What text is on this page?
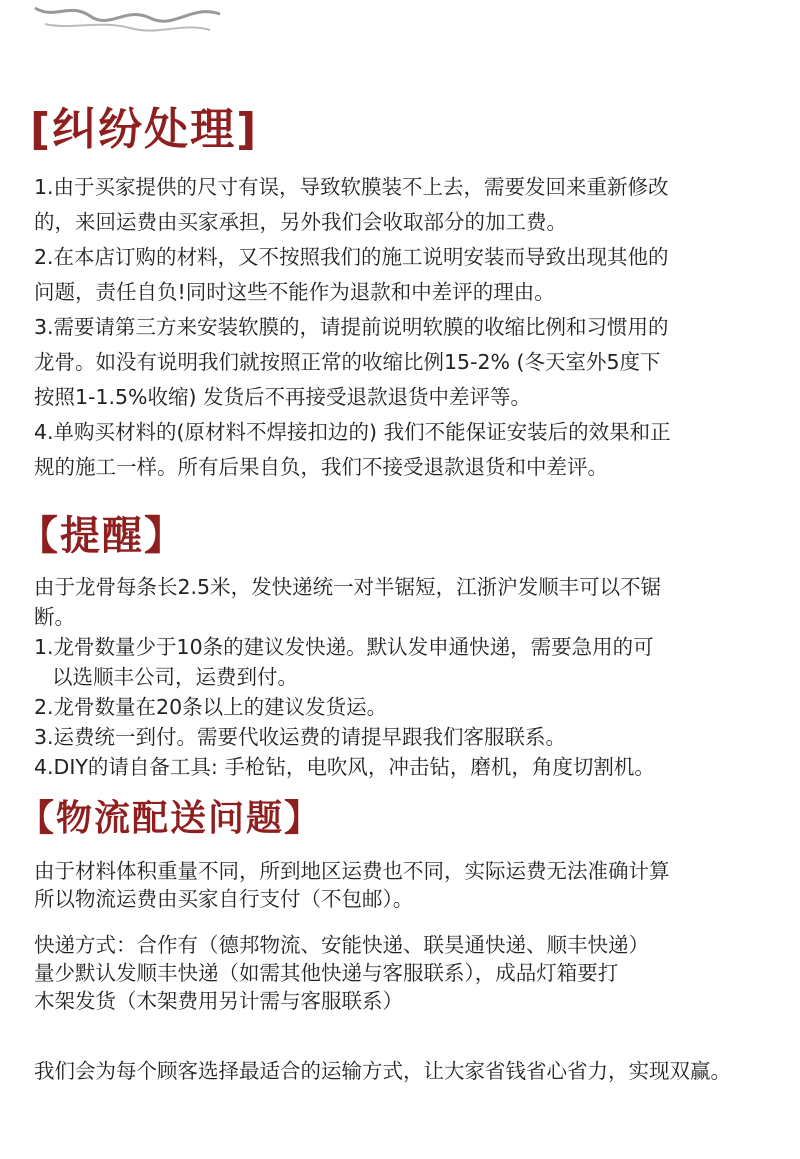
[纠纷处理]

1.由于买家提供的尺寸有误，导致软膜装不上去，需要发回来重新修改

的，来回运费由买家承担，另外我们会收取部分的加工费。

2.在本店订购的材料，又不按照我们的施工说明安装而导致出现其他的

问题，责任自负!同时这些不能作为退款和中差评的理由。

3.需要请第三方来安装软膜的，请提前说明软膜的收缩比例和习惯用的

龙骨。如没有说明我们就按照正常的收缩比例15-2% (冬天室外5度下

按照1-1.5%收缩) 发货后不再接受退款退货中差评等。

4.单购买材料的(原材料不焊接扣边的) 我们不能保证安装后的效果和正

规的施工一样。所有后果自负，我们不接受退款退货和中差评。

【提醒】

由于龙骨每条长2.5米，发快递统一对半锯短，江浙沪发顺丰可以不锯

断。

1.龙骨数量少于10条的建议发快递。默认发申通快递，需要急用的可

以选顺丰公司，运费到付。

2.龙骨数量在20条以上的建议发货运。

3.运费统一到付。需要代收运费的请提早跟我们客服联系。

4.DIY的请自备工具: 手枪钻，电吹风，冲击钻，磨机，角度切割机。

【物流配送问题】

由于材料体积重量不同，所到地区运费也不同，实际运费无法准确计算

所以物流运费由买家自行支付（不包邮）。

快递方式：合作有（德邦物流、安能快递、联昊通快递、顺丰快递）

量少默认发顺丰快递（如需其他快递与客服联系），成品灯箱要打

木架发货（木架费用另计需与客服联系）

我们会为每个顾客选择最适合的运输方式，让大家省钱省心省力，实现双赢。
